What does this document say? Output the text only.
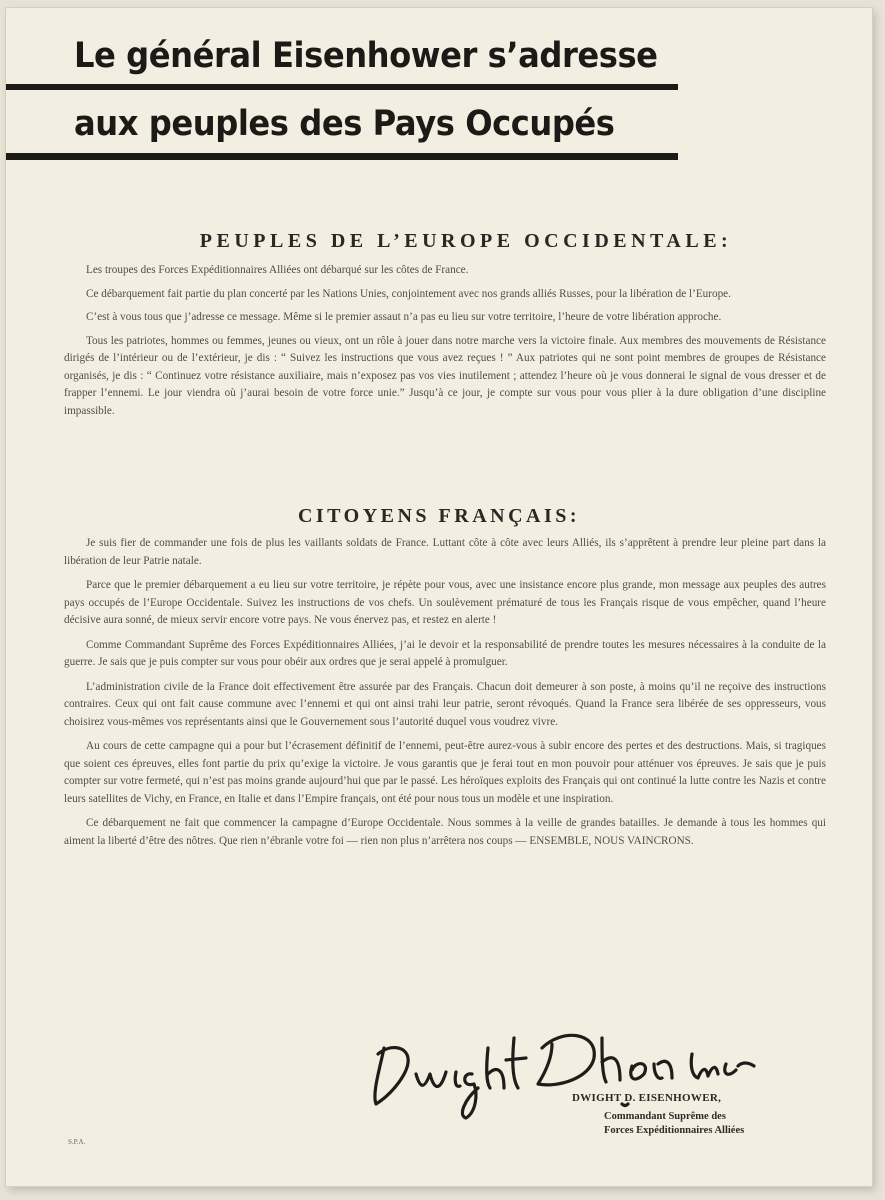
Le général Eisenhower s’adresse
aux peuples des Pays Occupés
PEUPLES DE L’EUROPE OCCIDENTALE:

Les troupes des Forces Expéditionnaires Alliées ont débarqué sur les côtes de France.

Ce débarquement fait partie du plan concerté par les Nations Unies, conjointement avec nos grands alliés Russes, pour la libération de l’Europe.

C’est à vous tous que j’adresse ce message. Même si le premier assaut n’a pas eu lieu sur votre territoire, l’heure de votre libération approche.

Tous les patriotes, hommes ou femmes, jeunes ou vieux, ont un rôle à jouer dans notre marche vers la victoire finale. Aux membres des mouvements de Résistance dirigés de l’intérieur ou de l’extérieur, je dis : “ Suivez les instructions que vous avez reçues ! ” Aux patriotes qui ne sont point membres de groupes de Résistance organisés, je dis : “ Continuez votre résistance auxiliaire, mais n’exposez pas vos vies inutilement ; attendez l’heure où je vous donnerai le signal de vous dresser et de frapper l’ennemi. Le jour viendra où j’aurai besoin de votre force unie.” Jusqu’à ce jour, je compte sur vous pour vous plier à la dure obligation d’une discipline impassible.

CITOYENS FRANÇAIS:

Je suis fier de commander une fois de plus les vaillants soldats de France. Luttant côte à côte avec leurs Alliés, ils s’apprêtent à prendre leur pleine part dans la libération de leur Patrie natale.

Parce que le premier débarquement a eu lieu sur votre territoire, je répète pour vous, avec une insistance encore plus grande, mon message aux peuples des autres pays occupés de l’Europe Occidentale. Suivez les instructions de vos chefs. Un soulèvement prématuré de tous les Français risque de vous empêcher, quand l’heure décisive aura sonné, de mieux servir encore votre pays. Ne vous énervez pas, et restez en alerte !

Comme Commandant Suprême des Forces Expéditionnaires Alliées, j’ai le devoir et la responsabilité de prendre toutes les mesures nécessaires à la conduite de la guerre. Je sais que je puis compter sur vous pour obéir aux ordres que je serai appelé à promulguer.

L’administration civile de la France doit effectivement être assurée par des Français. Chacun doit demeurer à son poste, à moins qu’il ne reçoive des instructions contraires. Ceux qui ont fait cause commune avec l’ennemi et qui ont ainsi trahi leur patrie, seront révoqués. Quand la France sera libérée de ses oppresseurs, vous choisirez vous-mêmes vos représentants ainsi que le Gouvernement sous l’autorité duquel vous voudrez vivre.

Au cours de cette campagne qui a pour but l’écrasement définitif de l’ennemi, peut-être aurez-vous à subir encore des pertes et des destructions. Mais, si tragiques que soient ces épreuves, elles font partie du prix qu’exige la victoire. Je vous garantis que je ferai tout en mon pouvoir pour atténuer vos épreuves. Je sais que je puis compter sur votre fermeté, qui n’est pas moins grande aujourd’hui que par le passé. Les héroïques exploits des Français qui ont continué la lutte contre les Nazis et contre leurs satellites de Vichy, en France, en Italie et dans l’Empire français, ont été pour nous tous un modèle et une inspiration.

Ce débarquement ne fait que commencer la campagne d’Europe Occidentale. Nous sommes à la veille de grandes batailles. Je demande à tous les hommes qui aiment la liberté d’être des nôtres. Que rien n’ébranle votre foi — rien non plus n’arrêtera nos coups — ENSEMBLE, NOUS VAINCRONS.

DWIGHT D. EISENHOWER,
Commandant Suprême des
Forces Expéditionnaires Alliées
S.P.A.
